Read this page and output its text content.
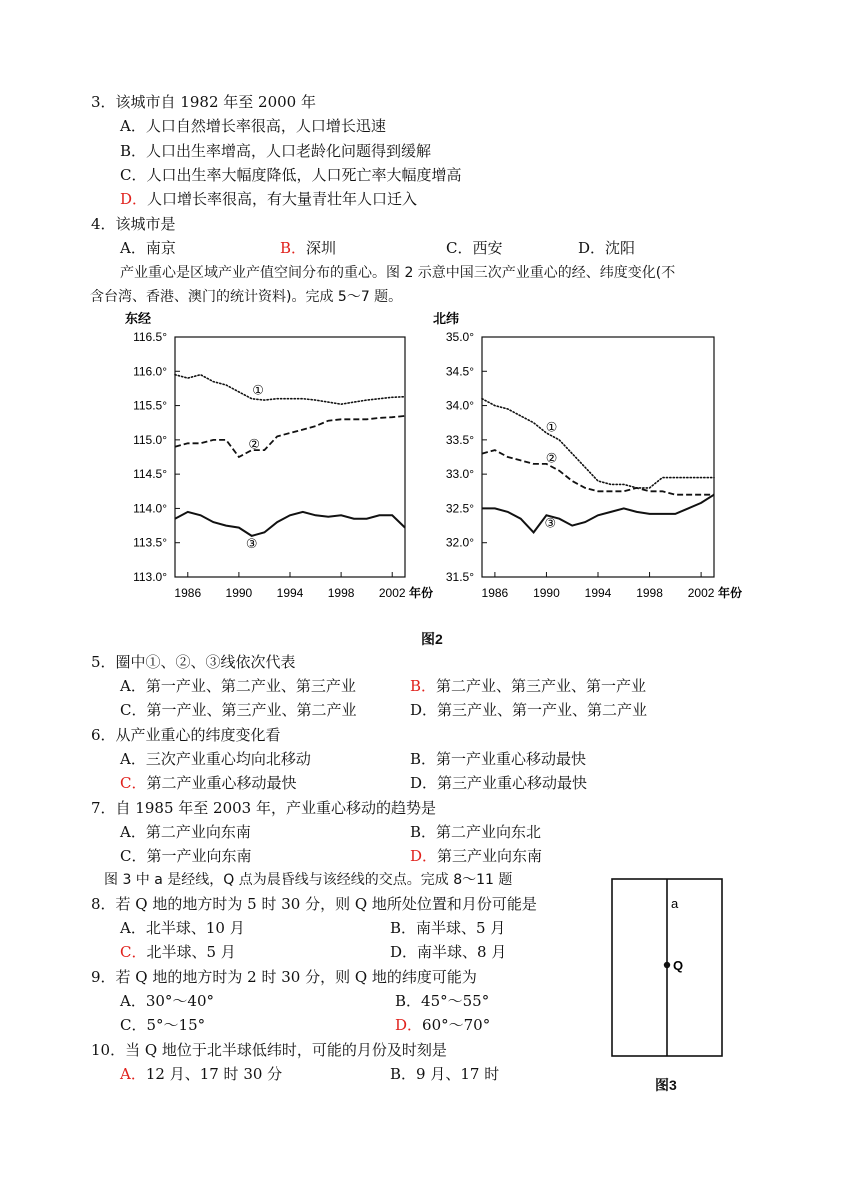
3．该城市自 1982 年至 2000 年
A．人口自然增长率很高，人口增长迅速
B．人口出生率增高，人口老龄化问题得到缓解
C．人口出生率大幅度降低，人口死亡率大幅度增高
D．人口增长率很高，有大量青壮年人口迁入
4．该城市是
A．南京	B．深圳	C．西安	D．沈阳
产业重心是区域产业产值空间分布的重心。图 2 示意中国三次产业重心的经、纬度变化(不
含台湾、香港、澳门的统计资料)。完成 5～7 题。
东经
116.5°
116.0°
115.5°
115.0°
114.5°
114.0°
113.5°
113.0°
1986 1990 1994 1998 2002 年份
①
②
③
北纬
35.0°
34.5°
34.0°
33.5°
33.0°
32.5°
32.0°
31.5°
1986 1990 1994 1998 2002 年份
①
②
③
图2
5．圈中①、②、③线依次代表
A．第一产业、第二产业、第三产业	B．第二产业、第三产业、第一产业
C．第一产业、第三产业、第二产业	D．第三产业、第一产业、第二产业
6．从产业重心的纬度变化看
A．三次产业重心均向北移动	B．第一产业重心移动最快
C．第二产业重心移动最快	D．第三产业重心移动最快
7．自 1985 年至 2003 年，产业重心移动的趋势是
A．第二产业向东南	B．第二产业向东北
C．第一产业向东南	D．第三产业向东南
图 3 中 a 是经线，Q 点为晨昏线与该经线的交点。完成 8～11 题
8．若 Q 地的地方时为 5 时 30 分，则 Q 地所处位置和月份可能是
A．北半球、10 月	B．南半球、5 月
C．北半球、5 月	D．南半球、8 月
9．若 Q 地的地方时为 2 时 30 分，则 Q 地的纬度可能为
A．30°～40°	B．45°～55°
C．5°～15°	D．60°～70°
10．当 Q 地位于北半球低纬时，可能的月份及时刻是
A．12 月、17 时 30 分	B．9 月、17 时
a
Q
图3
